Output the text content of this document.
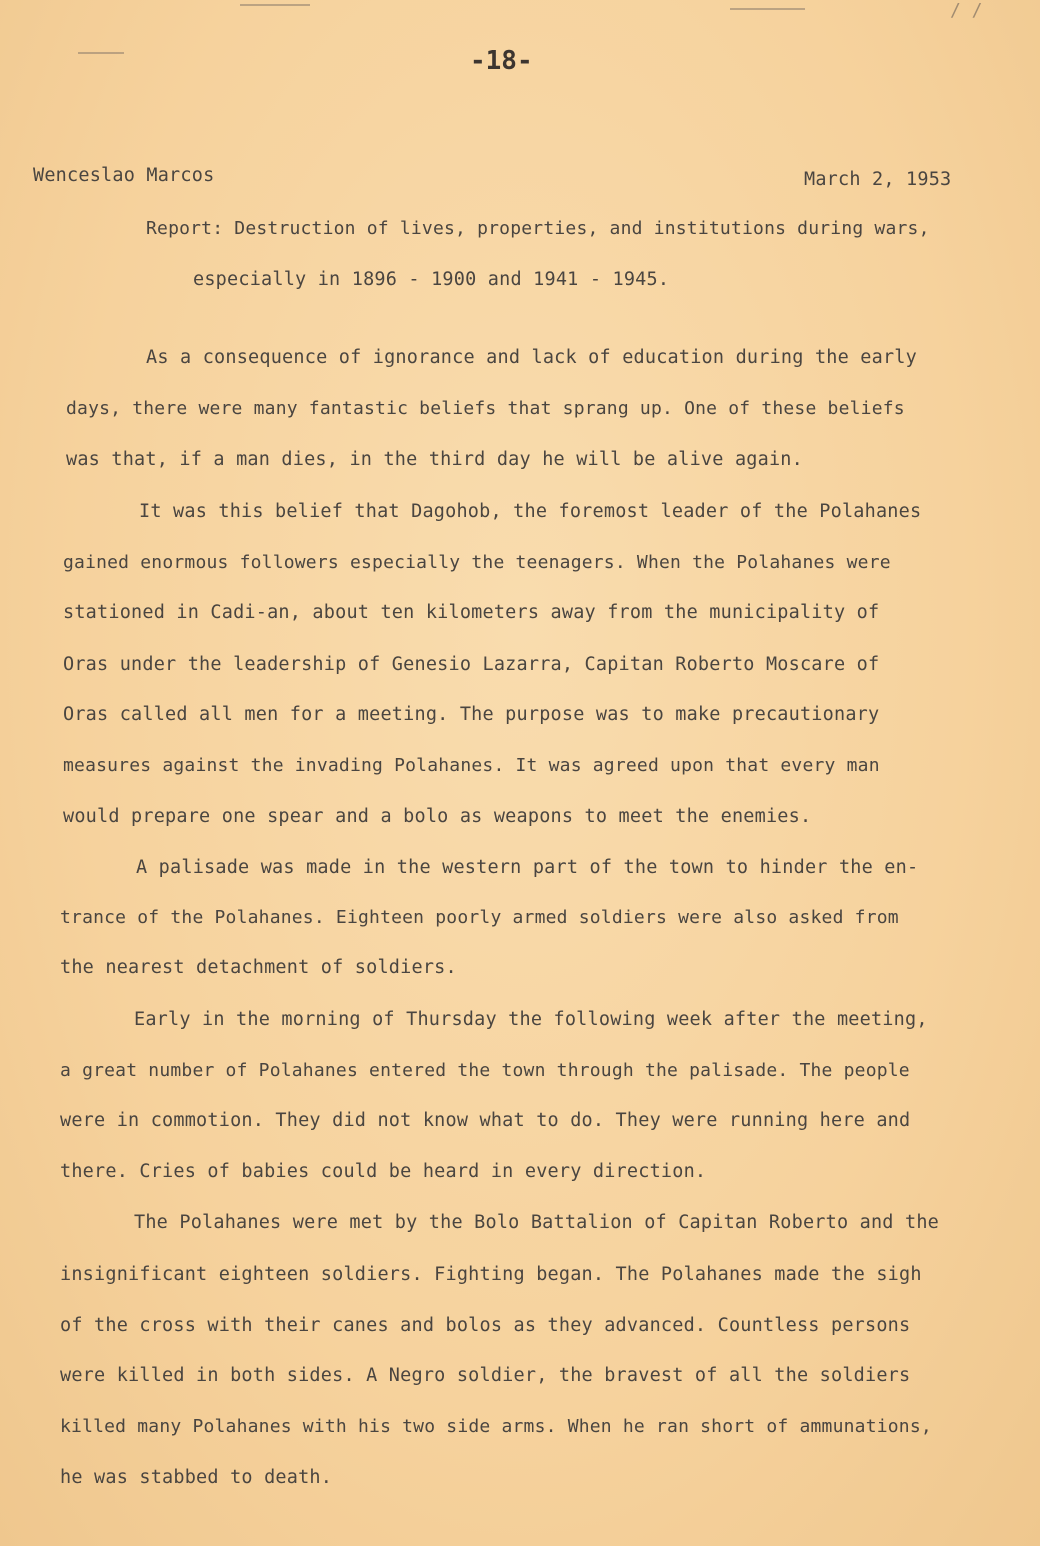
/ /
-18-
Wenceslao Marcos	March 2, 1953
Report: Destruction of lives, properties, and institutions during wars,
especially in 1896 - 1900 and 1941 - 1945.
As a consequence of ignorance and lack of education during the early
days, there were many fantastic beliefs that sprang up. One of these beliefs
was that, if a man dies, in the third day he will be alive again.
It was this belief that Dagohob, the foremost leader of the Polahanes
gained enormous followers especially the teenagers. When the Polahanes were
stationed in Cadi-an, about ten kilometers away from the municipality of
Oras under the leadership of Genesio Lazarra, Capitan Roberto Moscare of
Oras called all men for a meeting. The purpose was to make precautionary
measures against the invading Polahanes. It was agreed upon that every man
would prepare one spear and a bolo as weapons to meet the enemies.
A palisade was made in the western part of the town to hinder the en-
trance of the Polahanes. Eighteen poorly armed soldiers were also asked from
the nearest detachment of soldiers.
Early in the morning of Thursday the following week after the meeting,
a great number of Polahanes entered the town through the palisade. The people
were in commotion. They did not know what to do. They were running here and
there. Cries of babies could be heard in every direction.
The Polahanes were met by the Bolo Battalion of Capitan Roberto and the
insignificant eighteen soldiers. Fighting began. The Polahanes made the sigh
of the cross with their canes and bolos as they advanced. Countless persons
were killed in both sides. A Negro soldier, the bravest of all the soldiers
killed many Polahanes with his two side arms. When he ran short of ammunations,
he was stabbed to death.
